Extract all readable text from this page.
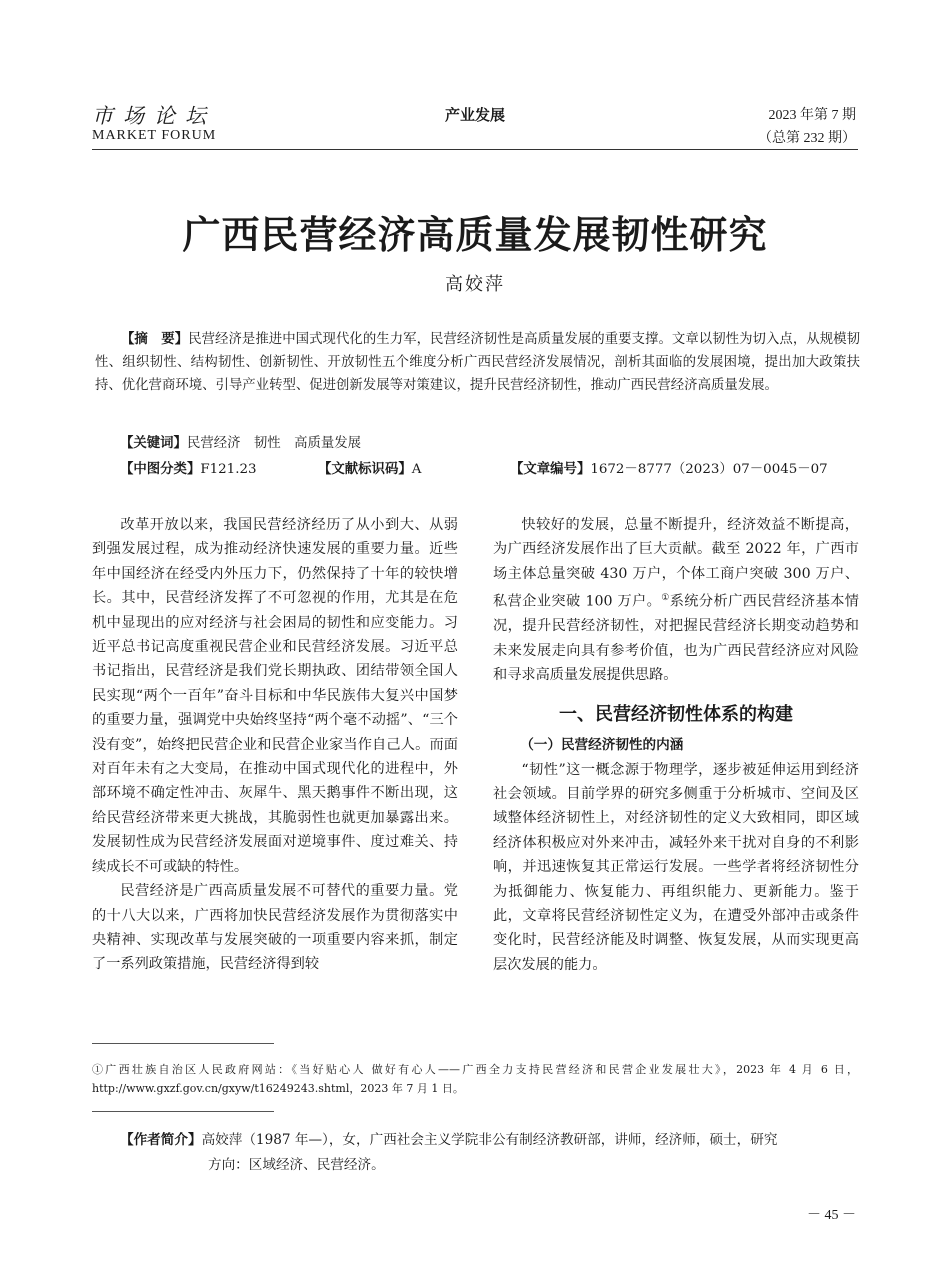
市场论坛
MARKET FORUM
产业发展	2023 年第 7 期
（总第 232 期）
广西民营经济高质量发展韧性研究
高姣萍
【摘　要】民营经济是推进中国式现代化的生力军，民营经济韧性是高质量发展的重要支撑。文章以韧性为切入点，从规模韧性、组织韧性、结构韧性、创新韧性、开放韧性五个维度分析广西民营经济发展情况，剖析其面临的发展困境，提出加大政策扶持、优化营商环境、引导产业转型、促进创新发展等对策建议，提升民营经济韧性，推动广西民营经济高质量发展。
【关键词】民营经济　韧性　高质量发展
【中图分类】F121.23	【文献标识码】A	【文章编号】1672－8777（2023）07－0045－07

改革开放以来，我国民营经济经历了从小到大、从弱到强发展过程，成为推动经济快速发展的重要力量。近些年中国经济在经受内外压力下，仍然保持了十年的较快增长。其中，民营经济发挥了不可忽视的作用，尤其是在危机中显现出的应对经济与社会困局的韧性和应变能力。习近平总书记高度重视民营企业和民营经济发展。习近平总书记指出，民营经济是我们党长期执政、团结带领全国人民实现“两个一百年”奋斗目标和中华民族伟大复兴中国梦的重要力量，强调党中央始终坚持“两个毫不动摇”、“三个没有变”，始终把民营企业和民营企业家当作自己人。而面对百年未有之大变局，在推动中国式现代化的进程中，外部环境不确定性冲击、灰犀牛、黑天鹅事件不断出现，这给民营经济带来更大挑战，其脆弱性也就更加暴露出来。发展韧性成为民营经济发展面对逆境事件、度过难关、持续成长不可或缺的特性。

民营经济是广西高质量发展不可替代的重要力量。党的十八大以来，广西将加快民营经济发展作为贯彻落实中央精神、实现改革与发展突破的一项重要内容来抓，制定了一系列政策措施，民营经济得到较

快较好的发展，总量不断提升，经济效益不断提高，为广西经济发展作出了巨大贡献。截至 2022 年，广西市场主体总量突破 430 万户，个体工商户突破 300 万户、私营企业突破 100 万户。①系统分析广西民营经济基本情况，提升民营经济韧性，对把握民营经济长期变动趋势和未来发展走向具有参考价值，也为广西民营经济应对风险和寻求高质量发展提供思路。

一、民营经济韧性体系的构建
（一）民营经济韧性的内涵

“韧性”这一概念源于物理学，逐步被延伸运用到经济社会领域。目前学界的研究多侧重于分析城市、空间及区域整体经济韧性上，对经济韧性的定义大致相同，即区域经济体积极应对外来冲击，减轻外来干扰对自身的不利影响，并迅速恢复其正常运行发展。一些学者将经济韧性分为抵御能力、恢复能力、再组织能力、更新能力。鉴于此，文章将民营经济韧性定义为，在遭受外部冲击或条件变化时，民营经济能及时调整、恢复发展，从而实现更高层次发展的能力。

①广西壮族自治区人民政府网站：《当好贴心人 做好有心人——广西全力支持民营经济和民营企业发展壮大》，2023 年 4 月 6 日，http://www.gxzf.gov.cn/gxyw/t16249243.shtml，2023 年 7 月 1 日。
【作者简介】高姣萍（1987 年—），女，广西社会主义学院非公有制经济教研部，讲师，经济师，硕士，研究
方向：区域经济、民营经济。
－ 45 －
